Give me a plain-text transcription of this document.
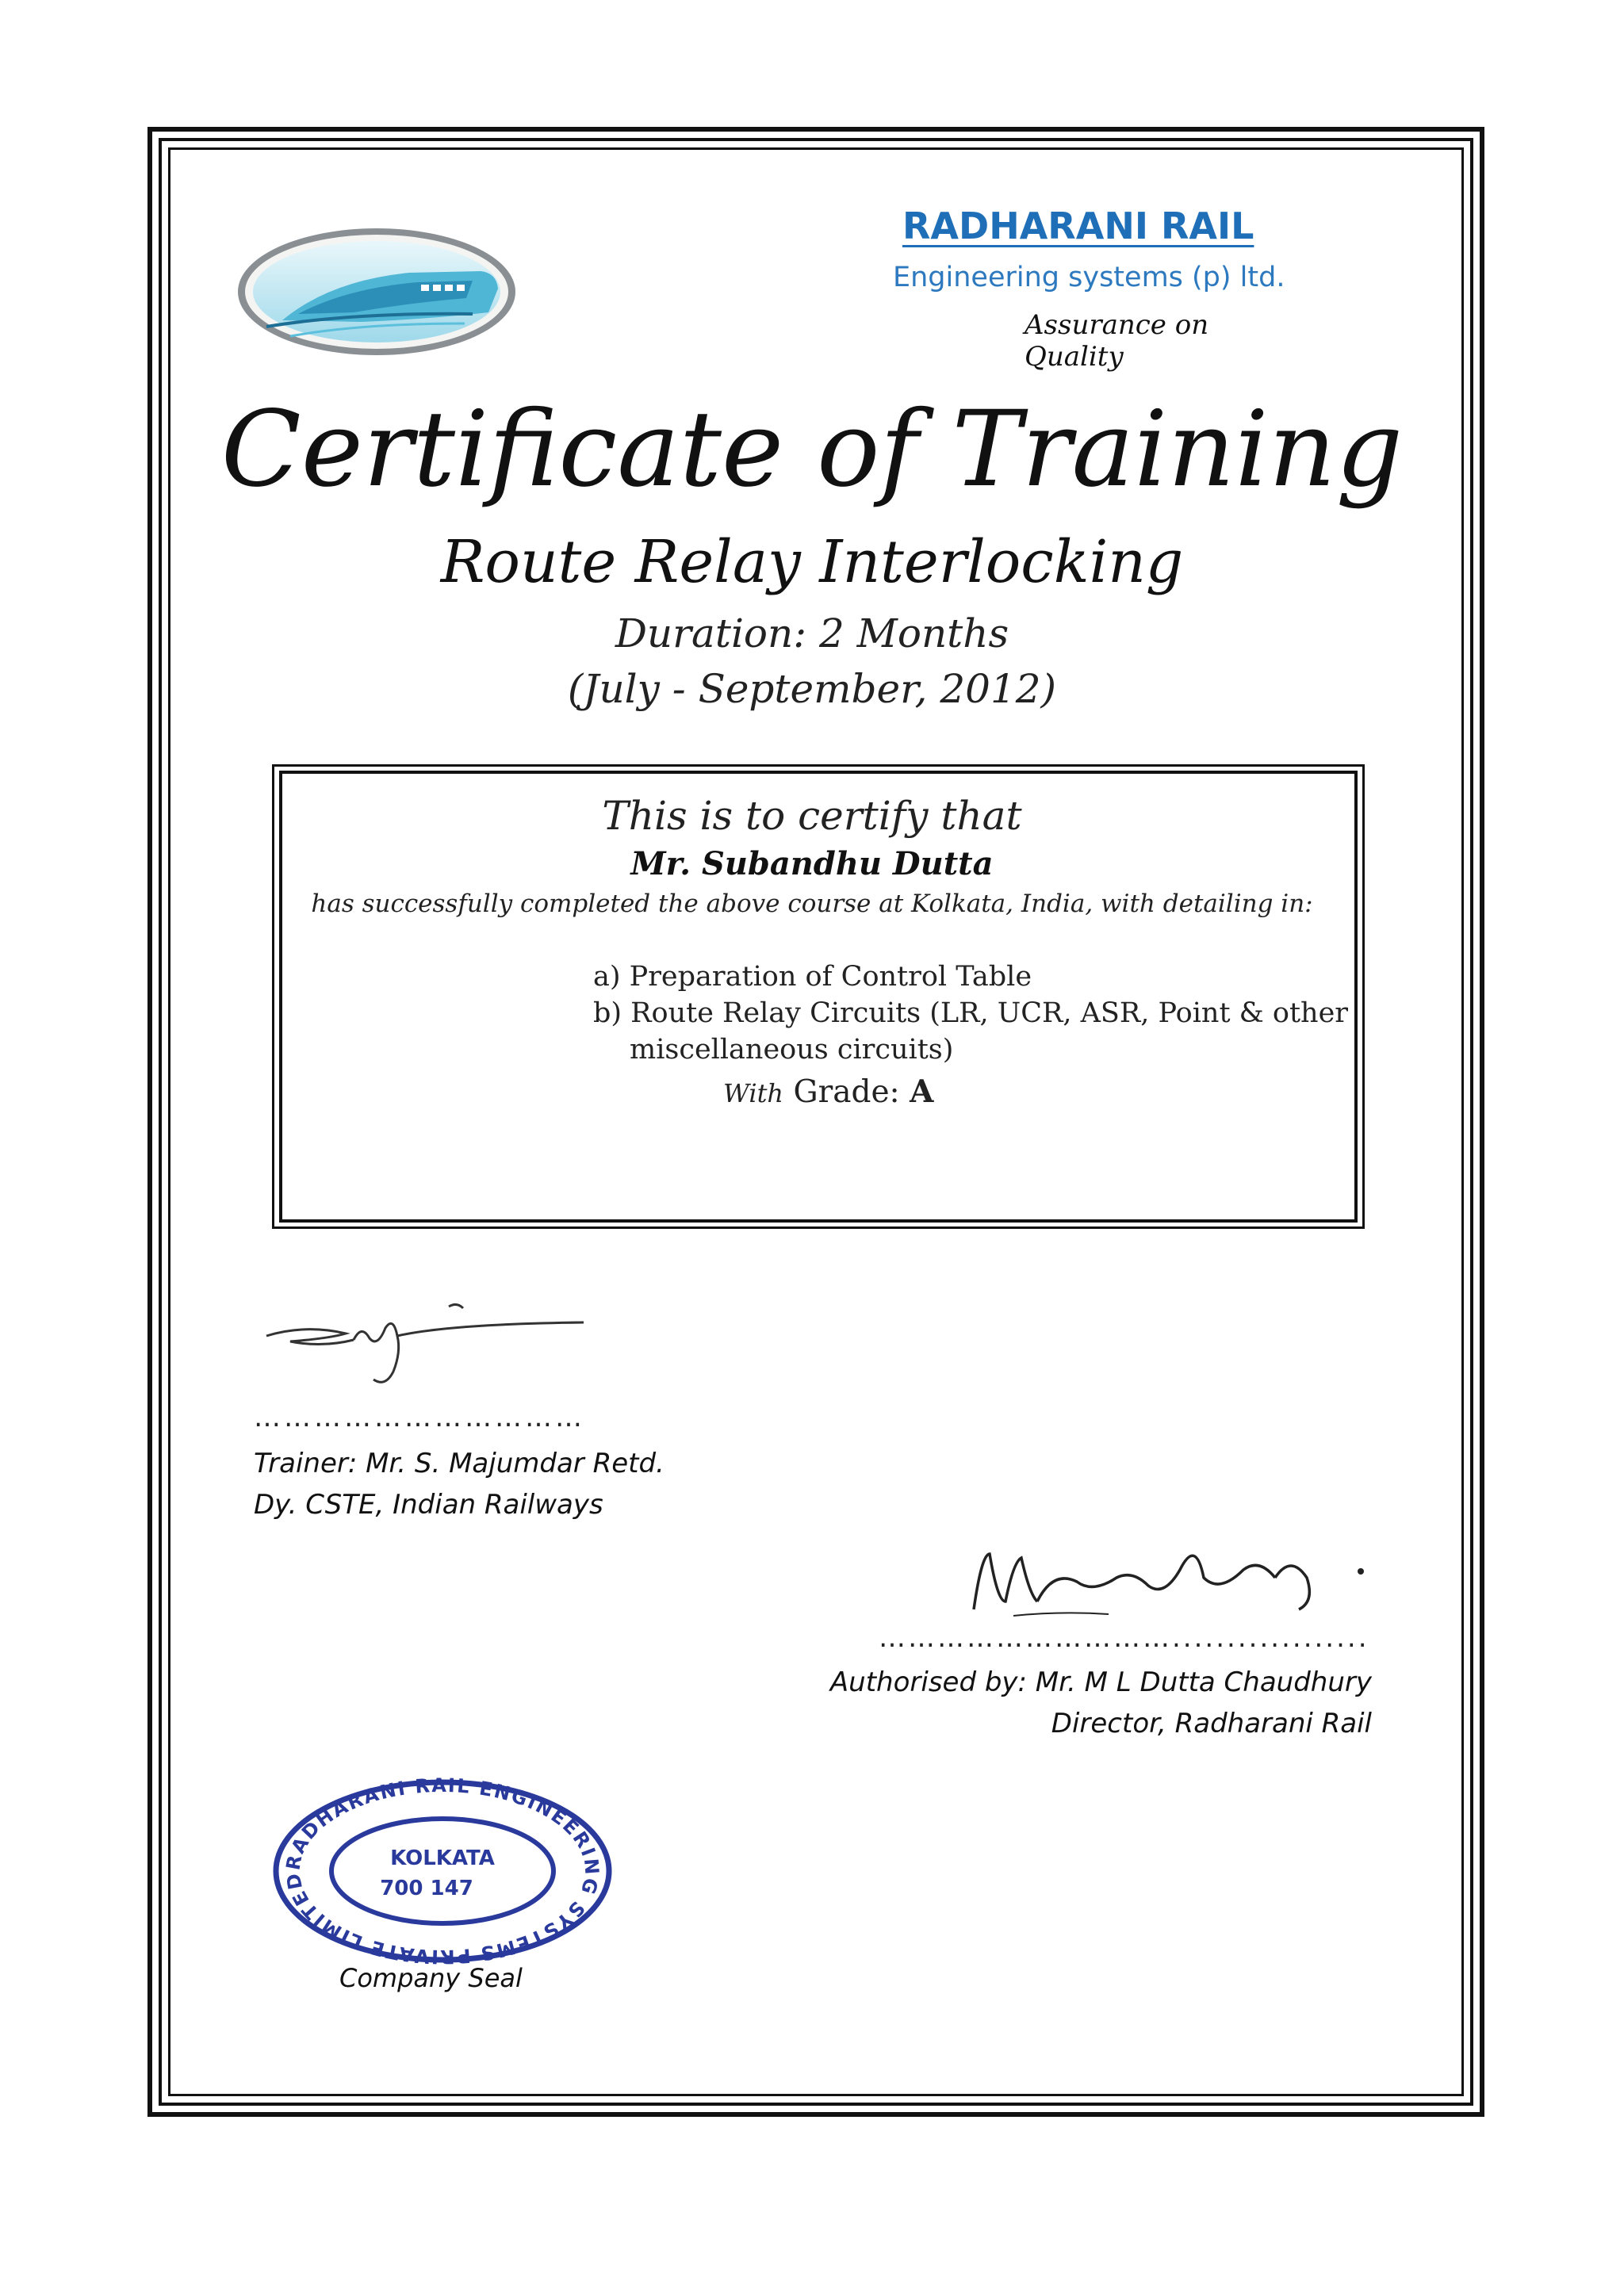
RADHARANI RAIL
Engineering systems (p) ltd.
Assurance on Quality
Certificate of Training
Route Relay Interlocking
Duration: 2 Months
(July - September, 2012)
This is to certify that
Mr. Subandhu Dutta
has successfully completed the above course at Kolkata, India, with detailing in:
a) Preparation of Control Table
b) Route Relay Circuits (LR, UCR, ASR, Point & other
miscellaneous circuits)
With Grade: A
……………………………
Trainer: Mr. S. Majumdar Retd.
Dy. CSTE, Indian Railways
…………………………..................
Authorised by: Mr. M L Dutta Chaudhury
Director, Radharani Rail
RADHARANI RAIL ENGINEERING SYSTEMS PRIVATE LIMITED
KOLKATA
700 147
Company Seal
